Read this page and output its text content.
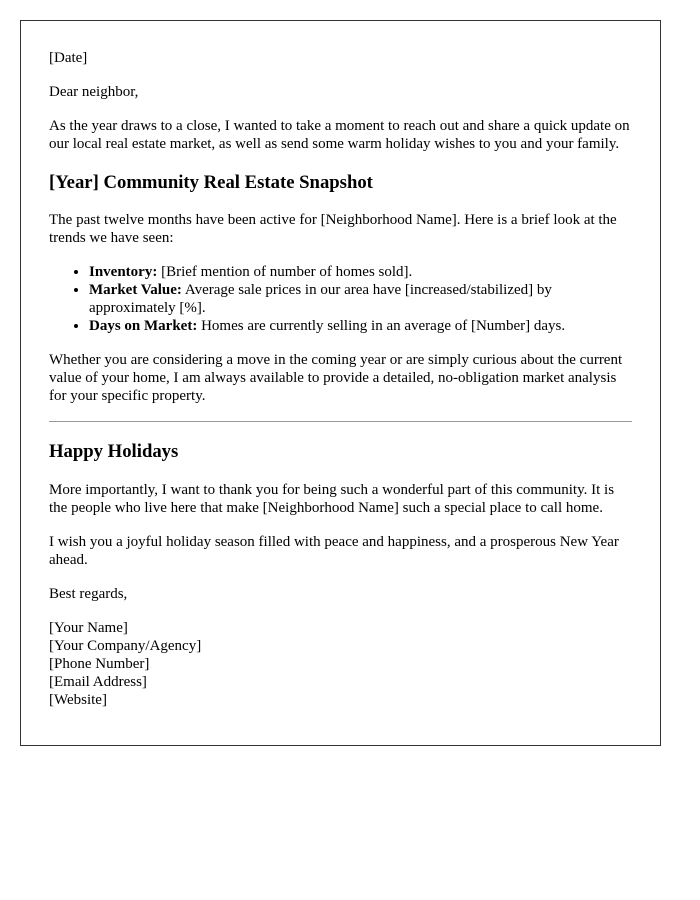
[Date]

Dear neighbor,

As the year draws to a close, I wanted to take a moment to reach out and share a quick update on our local real estate market, as well as send some warm holiday wishes to you and your family.

[Year] Community Real Estate Snapshot

The past twelve months have been active for [Neighborhood Name]. Here is a brief look at the trends we have seen:

• Inventory: [Brief mention of number of homes sold].
• Market Value: Average sale prices in our area have [increased/stabilized] by approximately [%].
• Days on Market: Homes are currently selling in an average of [Number] days.

Whether you are considering a move in the coming year or are simply curious about the current value of your home, I am always available to provide a detailed, no-obligation market analysis for your specific property.

Happy Holidays

More importantly, I want to thank you for being such a wonderful part of this community. It is the people who live here that make [Neighborhood Name] such a special place to call home.

I wish you a joyful holiday season filled with peace and happiness, and a prosperous New Year ahead.

Best regards,

[Your Name]
[Your Company/Agency]
[Phone Number]
[Email Address]
[Website]
